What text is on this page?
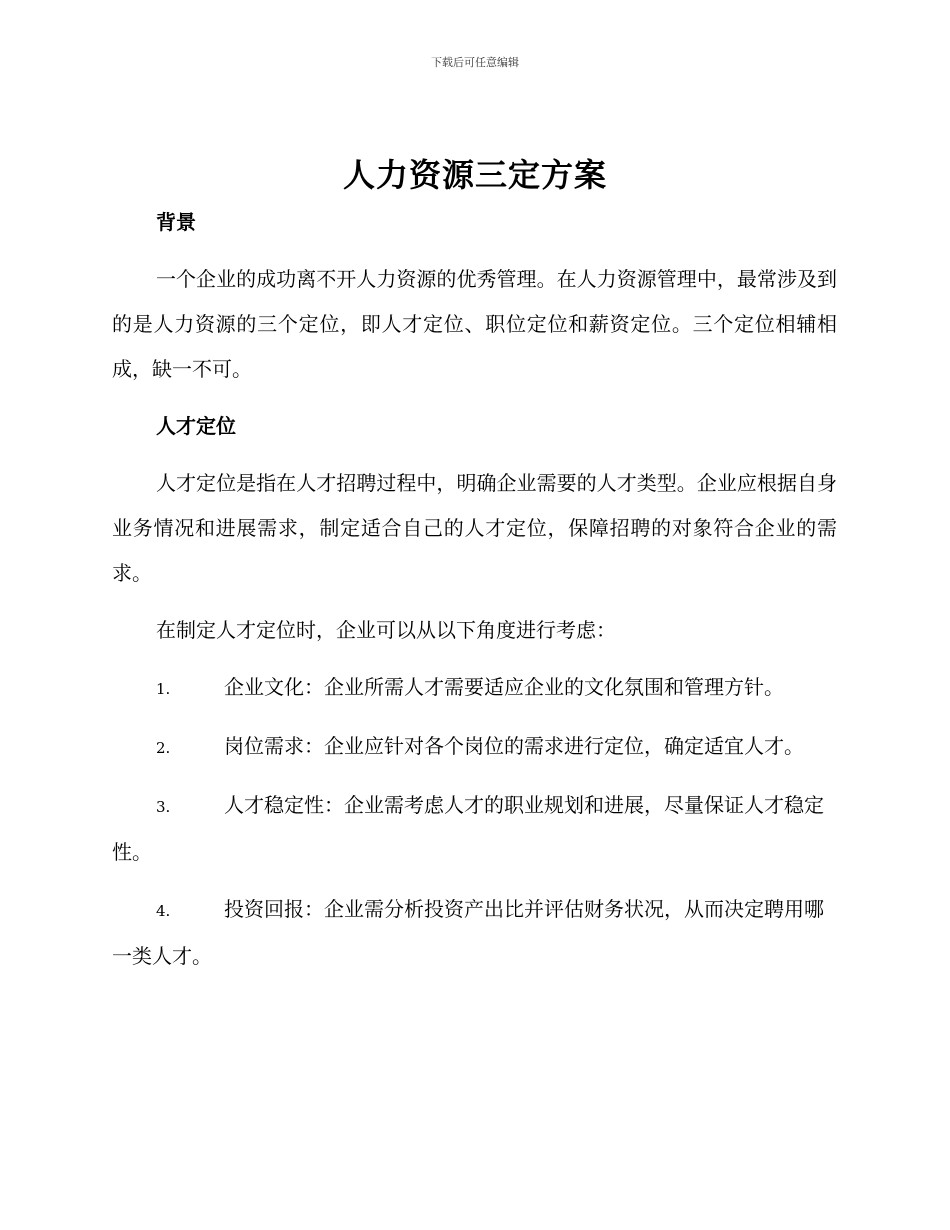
下载后可任意编辑
人力资源三定方案

背景

一个企业的成功离不开人力资源的优秀管理。在人力资源管理中，最常涉及到的是人力资源的三个定位，即人才定位、职位定位和薪资定位。三个定位相辅相成，缺一不可。

人才定位

人才定位是指在人才招聘过程中，明确企业需要的人才类型。企业应根据自身业务情况和进展需求，制定适合自己的人才定位，保障招聘的对象符合企业的需求。

在制定人才定位时，企业可以从以下角度进行考虑：

1.	企业文化：企业所需人才需要适应企业的文化氛围和管理方针。

2.	岗位需求：企业应针对各个岗位的需求进行定位，确定适宜人才。

3.	人才稳定性：企业需考虑人才的职业规划和进展，尽量保证人才稳定性。

4.	投资回报：企业需分析投资产出比并评估财务状况，从而决定聘用哪一类人才。
